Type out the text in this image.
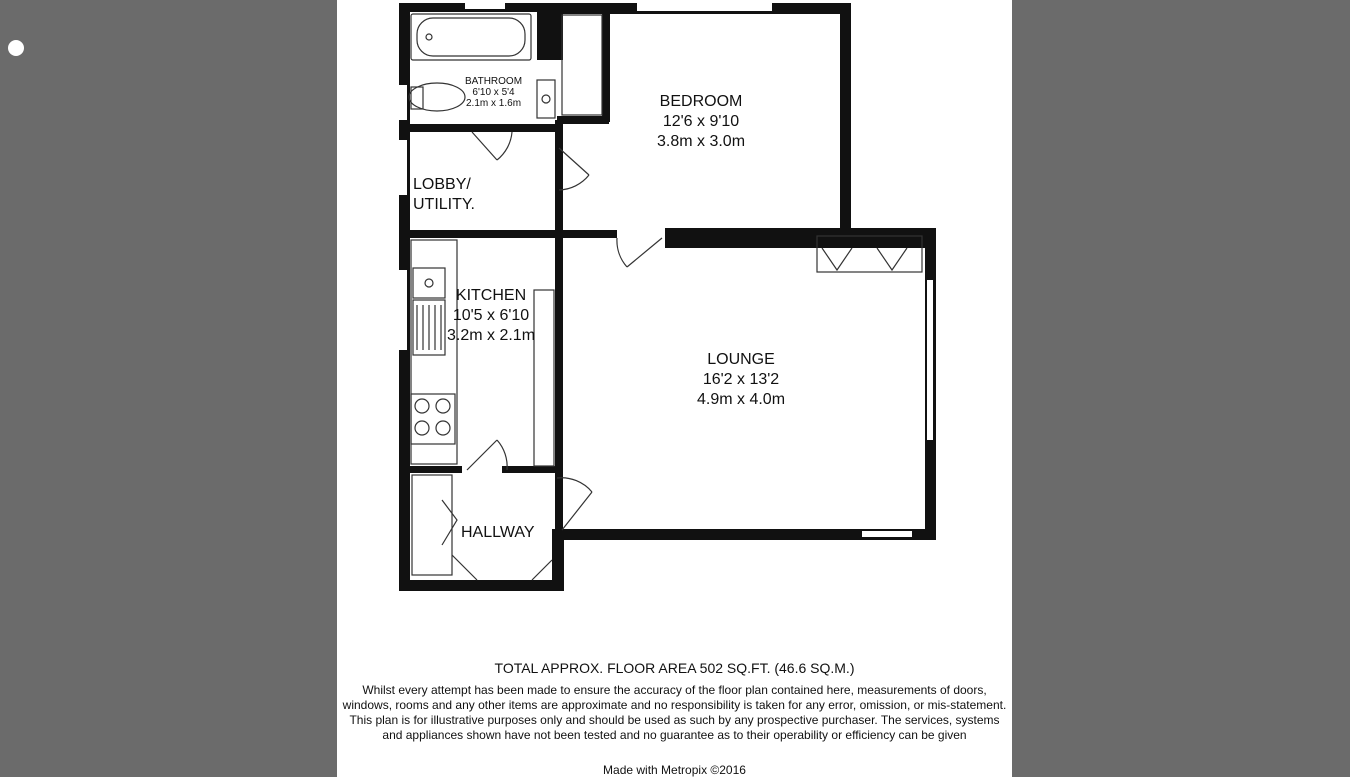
BATHROOM
6'10 x 5'4
2.1m x 1.6m	BEDROOM
12'6 x 9'10
3.8m x 3.0m
LOBBY/
UTILITY.
KITCHEN
10'5 x 6'10
3.2m x 2.1m
LOUNGE
16'2 x 13'2
4.9m x 4.0m
HALLWAY
TOTAL APPROX. FLOOR AREA 502 SQ.FT. (46.6 SQ.M.)
Whilst every attempt has been made to ensure the accuracy of the floor plan contained here, measurements of doors, windows, rooms and any other items are approximate and no responsibility is taken for any error, omission, or mis-statement. This plan is for illustrative purposes only and should be used as such by any prospective purchaser. The services, systems and appliances shown have not been tested and no guarantee as to their operability or efficiency can be given
Made with Metropix ©2016
